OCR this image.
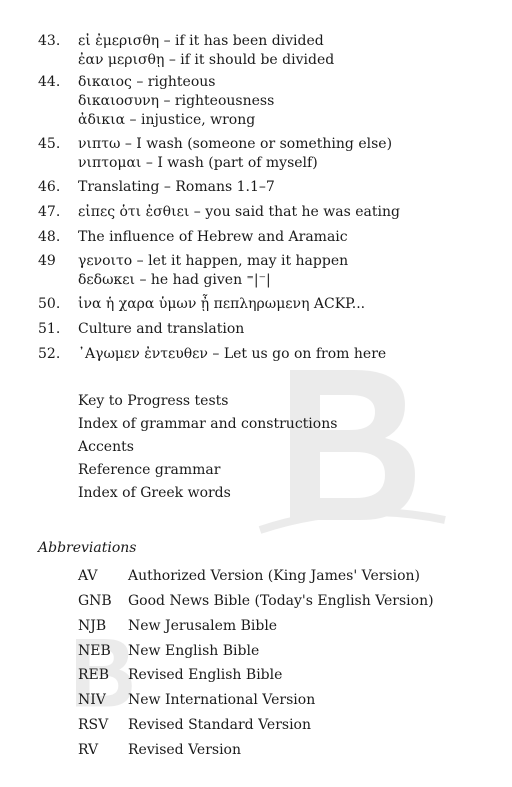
43.	εἰ ἐμερισθη – if it has been divided
ἐαν μερισθῃ – if it should be divided
44.	δικαιος – righteous
δικαιοσυνη – righteousness
ἀδικια – injustice, wrong
45.	νιπτω – I wash (someone or something else)
νιπτομαι – I wash (part of myself)
46.	Translating – Romans 1.1–7
47.	εἰπες ὁτι ἐσθιει – you said that he was eating
48.	The influence of Hebrew and Aramaic
49	γενοιτο – let it happen, may it happen
δεδωκει – he had given ⁼|⁻|
50.	ἱνα ἡ χαρα ὑμων ᾖ πεπληρωμενη ACKP...
51.	Culture and translation
52.	᾿Αγωμεν ἐντευθεν – Let us go on from here
Key to Progress tests
Index of grammar and constructions
Accents
Reference grammar
Index of Greek words
Abbreviations
AV Authorized Version (King James' Version)
GNB Good News Bible (Today's English Version)
NJB New Jerusalem Bible
NEB New English Bible
REB Revised English Bible
NIV New International Version
RSV Revised Standard Version
RV Revised Version
